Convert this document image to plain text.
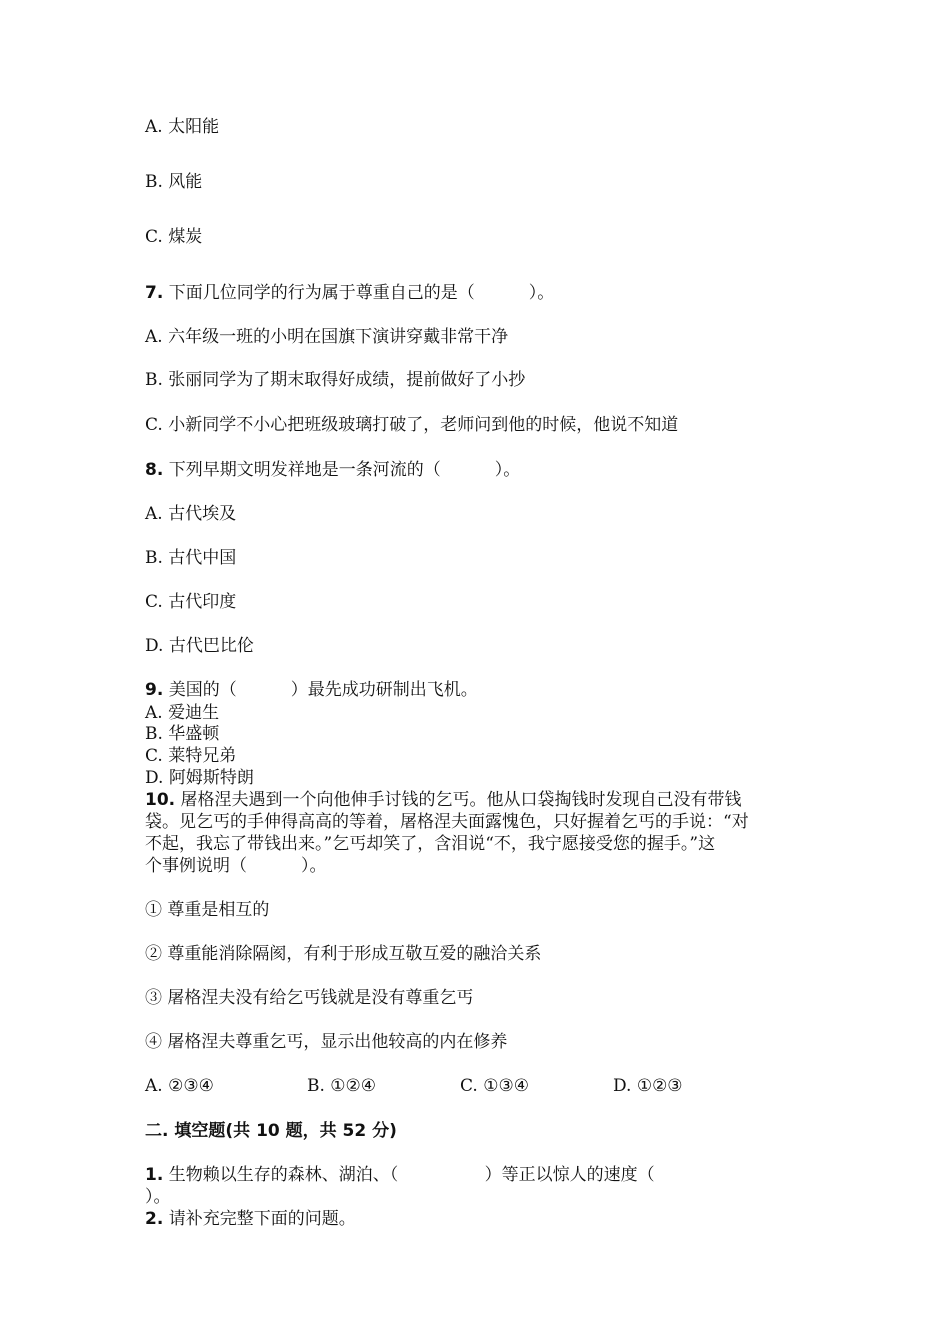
A. 太阳能
B. 风能
C. 煤炭
7. 下面几位同学的行为属于尊重自己的是（          ）。
A. 六年级一班的小明在国旗下演讲穿戴非常干净
B. 张丽同学为了期末取得好成绩，提前做好了小抄
C. 小新同学不小心把班级玻璃打破了，老师问到他的时候，他说不知道
8. 下列早期文明发祥地是一条河流的（          ）。
A. 古代埃及
B. 古代中国
C. 古代印度
D. 古代巴比伦
9. 美国的（          ）最先成功研制出飞机。
A. 爱迪生
B. 华盛顿
C. 莱特兄弟
D. 阿姆斯特朗
10. 屠格涅夫遇到一个向他伸手讨钱的乞丐。他从口袋掏钱时发现自己没有带钱
袋。见乞丐的手伸得高高的等着，屠格涅夫面露愧色，只好握着乞丐的手说：“对
不起，我忘了带钱出来。”乞丐却笑了，含泪说“不，我宁愿接受您的握手。”这
个事例说明（          ）。
① 尊重是相互的
② 尊重能消除隔阂，有利于形成互敬互爱的融洽关系
③ 屠格涅夫没有给乞丐钱就是没有尊重乞丐
④ 屠格涅夫尊重乞丐，显示出他较高的内在修养
A. ②③④	B. ①②④	C. ①③④	D. ①②③
二. 填空题(共 10 题，共 52 分)
1. 生物赖以生存的森林、湖泊、（                ）等正以惊人的速度（
）。
2. 请补充完整下面的问题。
